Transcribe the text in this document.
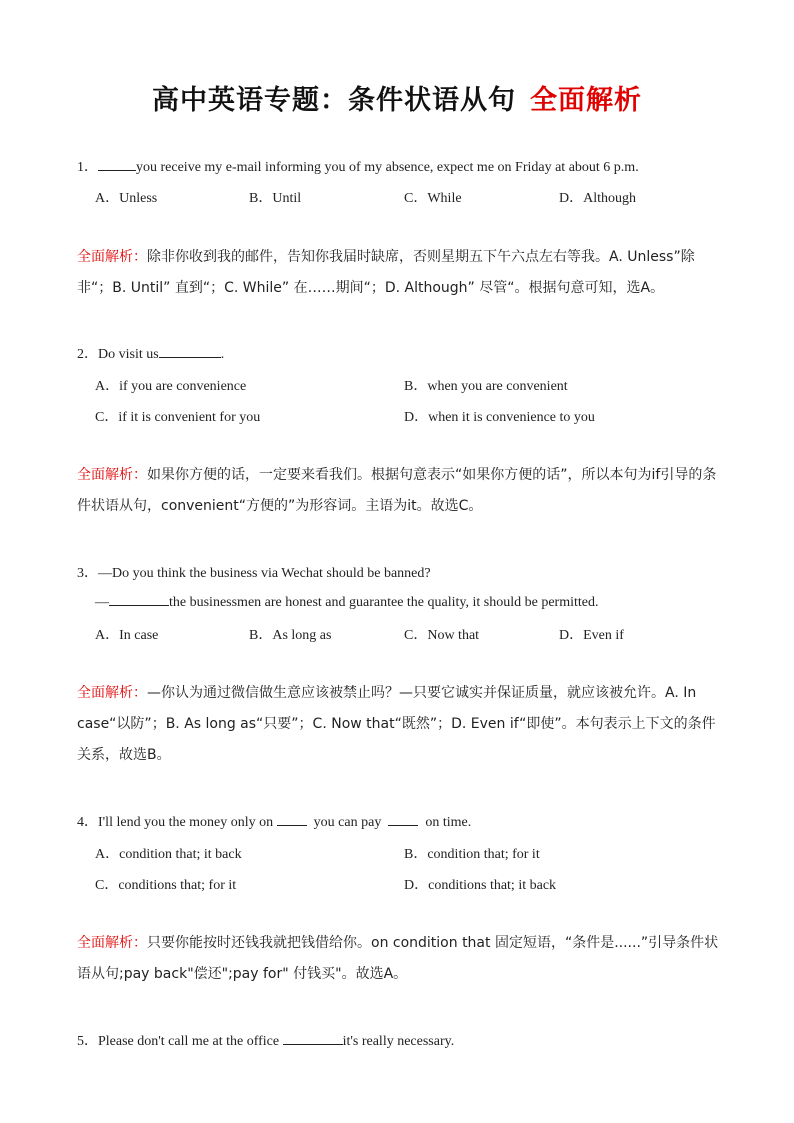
高中英语专题：条件状语从句 全面解析
1．	you receive my e-mail informing you of my absence, expect me on Friday at about 6 p.m.
A．Unless	B．Until	C．While	D．Although
全面解析：除非你收到我的邮件，告知你我届时缺席，否则星期五下午六点左右等我。A. Unless”除非“；B. Until” 直到“；C. While” 在……期间“；D. Although” 尽管“。根据句意可知，选A。
2．Do visit us	.
A．if you are convenience	B．when you are convenient
C．if it is convenient for you	D．when it is convenience to you
全面解析：如果你方便的话，一定要来看我们。根据句意表示“如果你方便的话”，所以本句为if引导的条件状语从句，convenient“方便的”为形容词。主语为it。故选C。
3．—Do you think the business via Wechat should be banned?
—	the businessmen are honest and guarantee the quality, it should be permitted.
A．In case	B．As long as	C．Now that	D．Even if
全面解析：—你认为通过微信做生意应该被禁止吗？—只要它诚实并保证质量，就应该被允许。A. In case“以防”；B. As long as“只要”；C. Now that“既然”；D. Even if“即使”。本句表示上下文的条件关系，故选B。
4．I'll lend you the money only on	you can pay	on time.
A．condition that; it back	B．condition that; for it
C．conditions that; for it	D．conditions that; it back
全面解析：只要你能按时还钱我就把钱借给你。on condition that 固定短语，“条件是......”引导条件状语从句;pay back"偿还";pay for" 付钱买"。故选A。
5．Please don't call me at the office	it's really necessary.
